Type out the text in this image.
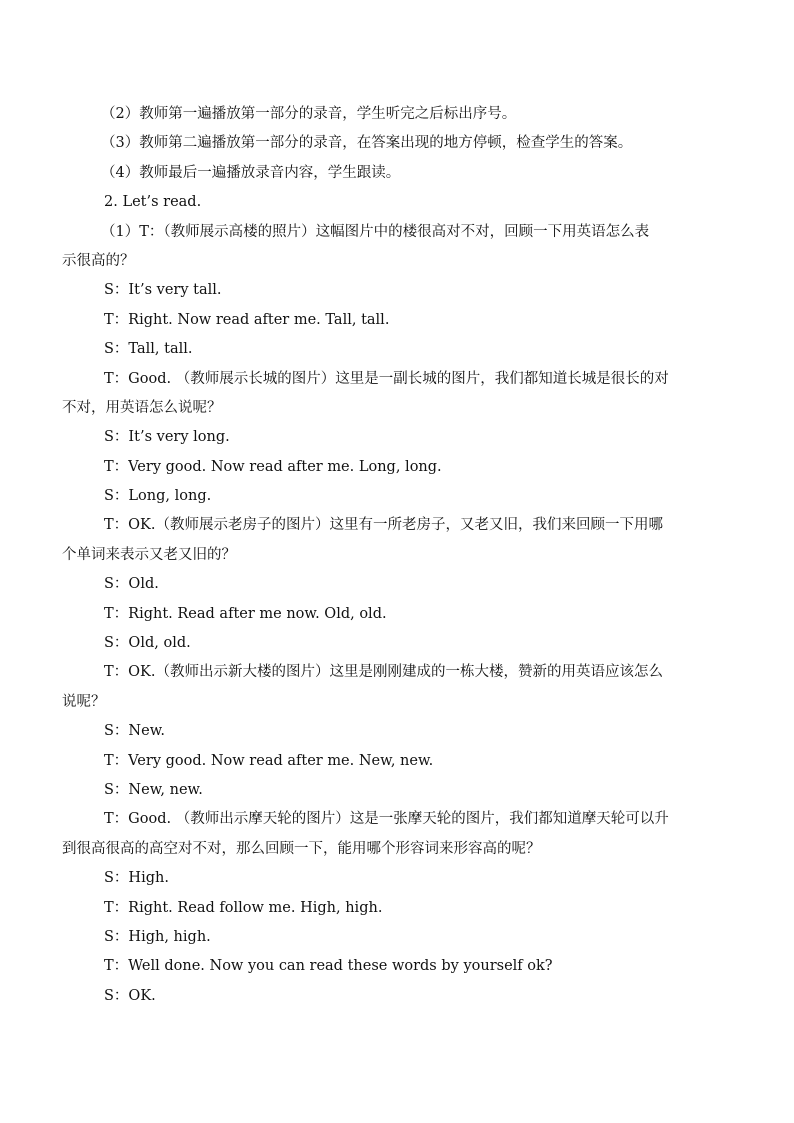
（2）教师第一遍播放第一部分的录音，学生听完之后标出序号。
（3）教师第二遍播放第一部分的录音，在答案出现的地方停顿，检查学生的答案。
（4）教师最后一遍播放录音内容，学生跟读。
2. Let’s read.
（1）T：（教师展示高楼的照片）这幅图片中的楼很高对不对，回顾一下用英语怎么表
示很高的？
S：It’s very tall.
T：Right. Now read after me. Tall, tall.
S：Tall, tall.
T：Good. （教师展示长城的图片）这里是一副长城的图片，我们都知道长城是很长的对
不对，用英语怎么说呢？
S：It’s very long.
T：Very good. Now read after me. Long, long.
S：Long, long.
T：OK.（教师展示老房子的图片）这里有一所老房子，又老又旧，我们来回顾一下用哪
个单词来表示又老又旧的？
S：Old.
T：Right. Read after me now. Old, old.
S：Old, old.
T：OK.（教师出示新大楼的图片）这里是刚刚建成的一栋大楼，赞新的用英语应该怎么
说呢？
S：New.
T：Very good. Now read after me. New, new.
S：New, new.
T：Good. （教师出示摩天轮的图片）这是一张摩天轮的图片，我们都知道摩天轮可以升
到很高很高的高空对不对，那么回顾一下，能用哪个形容词来形容高的呢？
S：High.
T：Right. Read follow me. High, high.
S：High, high.
T：Well done. Now you can read these words by yourself ok?
S：OK.
